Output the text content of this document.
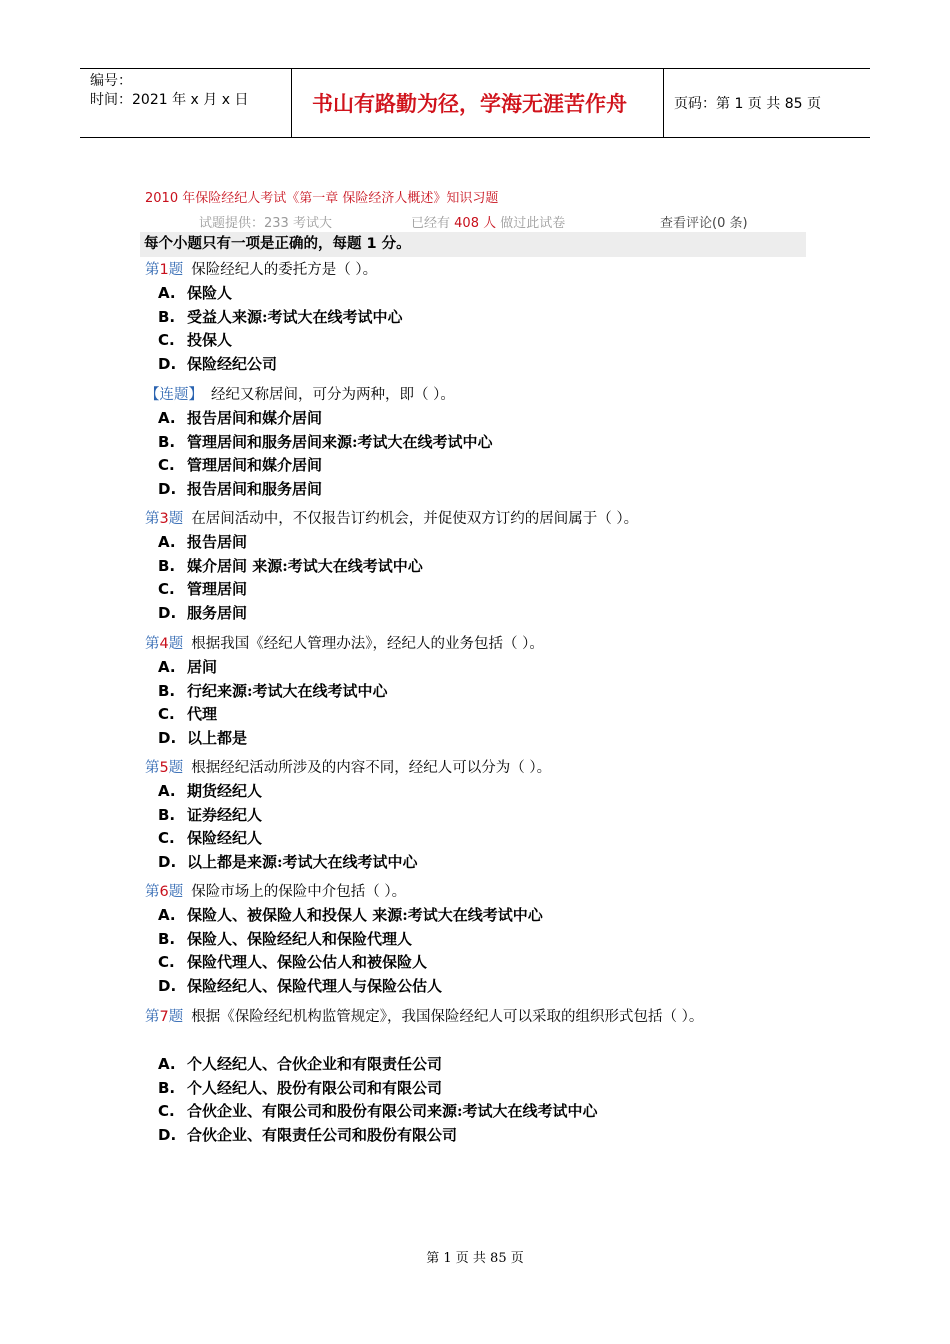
编号：
时间：2021 年 x 月 x 日	书山有路勤为径，学海无涯苦作舟	页码：第 1 页 共 85 页
2010 年保险经纪人考试《第一章 保险经济人概述》知识习题
试题提供：233 考试大	已经有 408 人 做过此试卷	查看评论(0 条)
每个小题只有一项是正确的，每题 1 分。
第1题 保险经纪人的委托方是（ ）。
A. 保险人
B. 受益人来源:考试大在线考试中心
C. 投保人
D. 保险经纪公司
【连题】 经纪又称居间，可分为两种，即（ ）。
A. 报告居间和媒介居间
B. 管理居间和服务居间来源:考试大在线考试中心
C. 管理居间和媒介居间
D. 报告居间和服务居间
第3题 在居间活动中，不仅报告订约机会，并促使双方订约的居间属于（ ）。
A. 报告居间
B. 媒介居间 来源:考试大在线考试中心
C. 管理居间
D. 服务居间
第4题 根据我国《经纪人管理办法》，经纪人的业务包括（ ）。
A. 居间
B. 行纪来源:考试大在线考试中心
C. 代理
D. 以上都是
第5题 根据经纪活动所涉及的内容不同，经纪人可以分为（ ）。
A. 期货经纪人
B. 证券经纪人
C. 保险经纪人
D. 以上都是来源:考试大在线考试中心
第6题 保险市场上的保险中介包括（ ）。
A. 保险人、被保险人和投保人 来源:考试大在线考试中心
B. 保险人、保险经纪人和保险代理人
C. 保险代理人、保险公估人和被保险人
D. 保险经纪人、保险代理人与保险公估人
第7题 根据《保险经纪机构监管规定》，我国保险经纪人可以采取的组织形式包括（ ）。
A. 个人经纪人、合伙企业和有限责任公司
B. 个人经纪人、股份有限公司和有限公司
C. 合伙企业、有限公司和股份有限公司来源:考试大在线考试中心
D. 合伙企业、有限责任公司和股份有限公司
第 1 页 共 85 页
